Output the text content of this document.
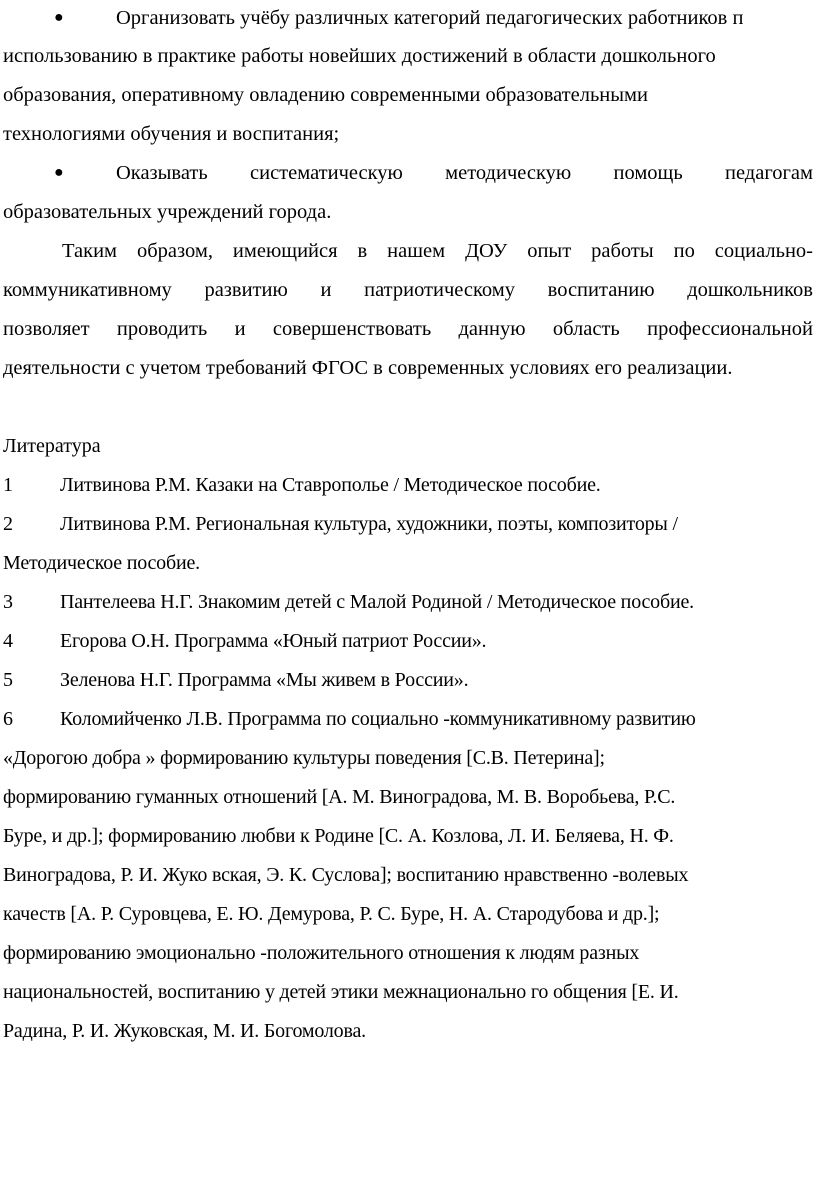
●	Организовать учёбу различных категорий педагогических работников п
использованию в практике работы новейших достижений в области дошкольного
образования, оперативному овладению современными образовательными
технологиями обучения и воспитания;
●	Оказывать систематическую методическую помощь педагогам
образовательных учреждений города.
Таким образом, имеющийся в нашем ДОУ опыт работы по социально-
коммуникативному развитию и патриотическому воспитанию дошкольников
позволяет проводить и совершенствовать данную область профессиональной
деятельности с учетом требований ФГОС в современных условиях его реализации.
Литература
1 Литвинова Р.М. Казаки на Ставрополье / Методическое пособие.
2 Литвинова Р.М. Региональная культура, художники, поэты, композиторы /
Методическое пособие.
3 Пантелеева Н.Г. Знакомим детей с Малой Родиной / Методическое пособие.
4 Егорова О.Н. Программа «Юный патриот России».
5 Зеленова Н.Г. Программа «Мы живем в России».
6 Коломийченко Л.В. Программа по социально -коммуникативному развитию
«Дорогою добра » формированию культуры поведения [С.В. Петерина];
формированию гуманных отношений [А. М. Виноградова, М. В. Воробьева, Р.С.
Буре, и др.]; формированию любви к Родине [С. А. Козлова, Л. И. Беляева, Н. Ф.
Виноградова, Р. И. Жуко вская, Э. К. Суслова]; воспитанию нравственно -волевых
качеств [А. Р. Суровцева, Е. Ю. Демурова, Р. С. Буре, Н. А. Стародубова и др.];
формированию эмоционально -положительного отношения к людям разных
национальностей, воспитанию у детей этики межнационально го общения [Е. И.
Радина, Р. И. Жуковская, М. И. Богомолова.
